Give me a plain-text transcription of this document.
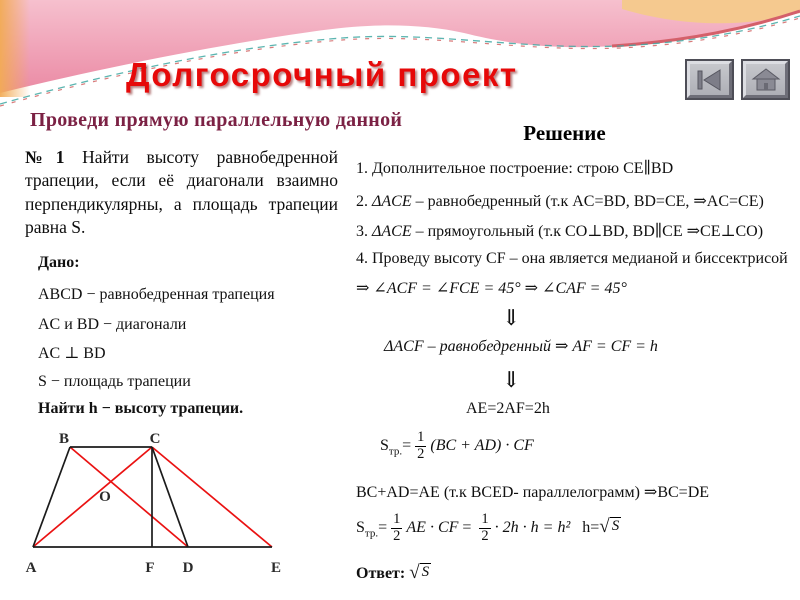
Долгосрочный проект
Проведи прямую параллельную данной
№1 Найти высоту равнобедренной трапеции, если её диагонали взаимно перпендикулярны, а площадь трапеции равна S.
Дано:
ABCD − равнобедренная трапеция
AC и BD − диагонали
AC ⊥ BD
S − площадь трапеции
Найти h − высоту трапеции.
B	C
O
A	F D	E
Решение
1. Дополнительное построение: строю CE∥BD
2. ΔACE – равнобедренный (т.к AC=BD, BD=CE, ⇒AC=CE)
3. ΔACE – прямоугольный (т.к CO⊥BD, BD∥CE ⇒CE⊥CO)
4. Проведу высоту CF – она является медианой и биссектрисой
⇒ ∠ACF = ∠FCE = 45° ⇒ ∠CAF = 45°
⇓
ΔACF – равнобедренный ⇒ AF = CF = h
⇓
AE=2AF=2h
$S_{тр.}= \frac{1}{2} (BC + AD)$ · CF
BC+AD=AE (т.к BCED- параллелограмм) ⇒BC=DE
$S_{тр.}= \frac{1}{2}$ AE · CF = $\frac{1}{2} \cdot 2h \cdot h = h^2$ h= √ S
Ответ: √ S
